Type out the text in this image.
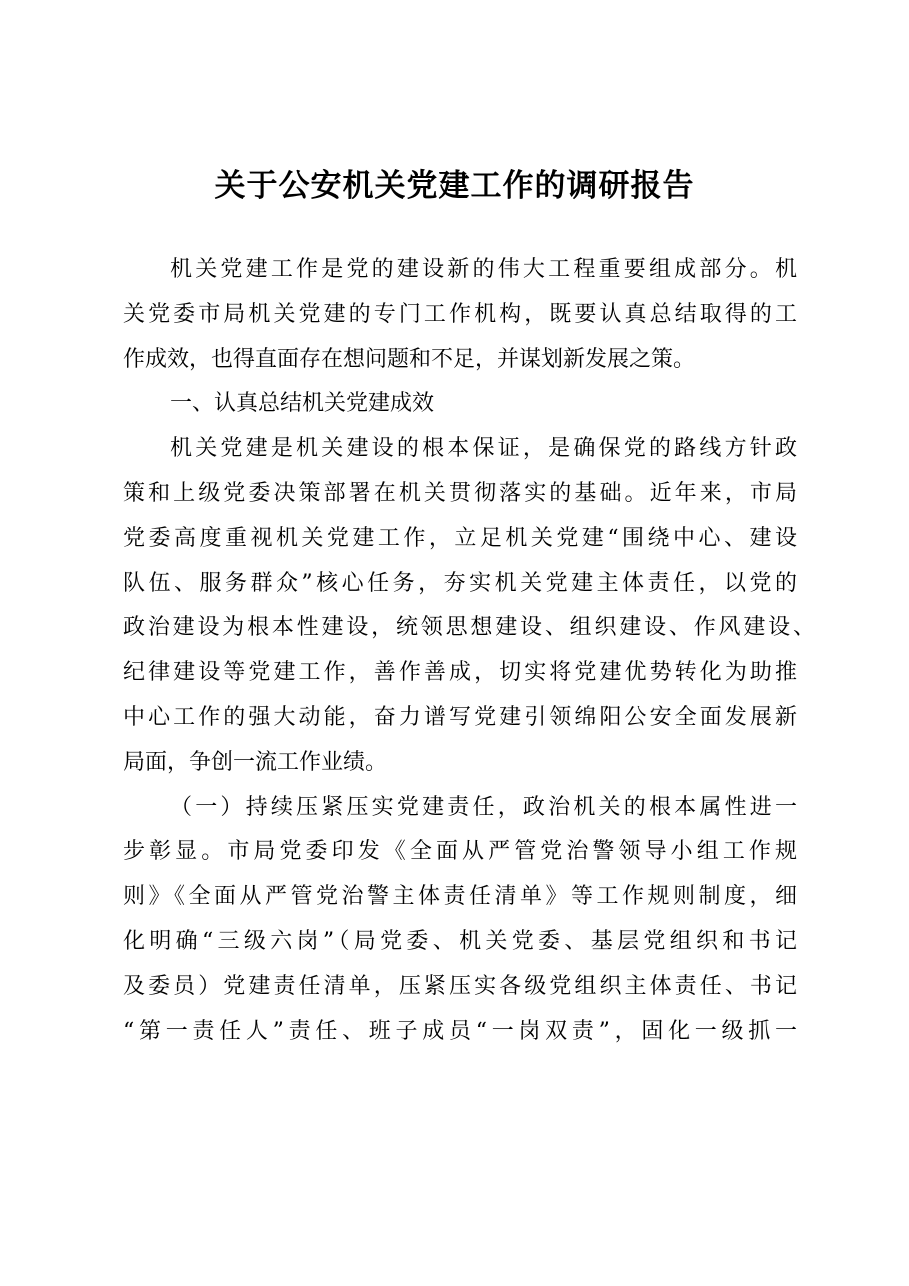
关于公安机关党建工作的调研报告
机关党建工作是党的建设新的伟大工程重要组成部分。机
关党委市局机关党建的专门工作机构，既要认真总结取得的工
作成效，也得直面存在想问题和不足，并谋划新发展之策。
一、认真总结机关党建成效
机关党建是机关建设的根本保证，是确保党的路线方针政
策和上级党委决策部署在机关贯彻落实的基础。近年来，市局
党委高度重视机关党建工作，立足机关党建“围绕中心、建设
队伍、服务群众”核心任务，夯实机关党建主体责任，以党的
政治建设为根本性建设，统领思想建设、组织建设、作风建设、
纪律建设等党建工作，善作善成，切实将党建优势转化为助推
中心工作的强大动能，奋力谱写党建引领绵阳公安全面发展新
局面，争创一流工作业绩。
（一）持续压紧压实党建责任，政治机关的根本属性进一
步彰显。市局党委印发《全面从严管党治警领导小组工作规
则》《全面从严管党治警主体责任清单》等工作规则制度，细
化明确“三级六岗”（局党委、机关党委、基层党组织和书记
及委员）党建责任清单，压紧压实各级党组织主体责任、书记
“第一责任人”责任、班子成员“一岗双责”，固化一级抓一
